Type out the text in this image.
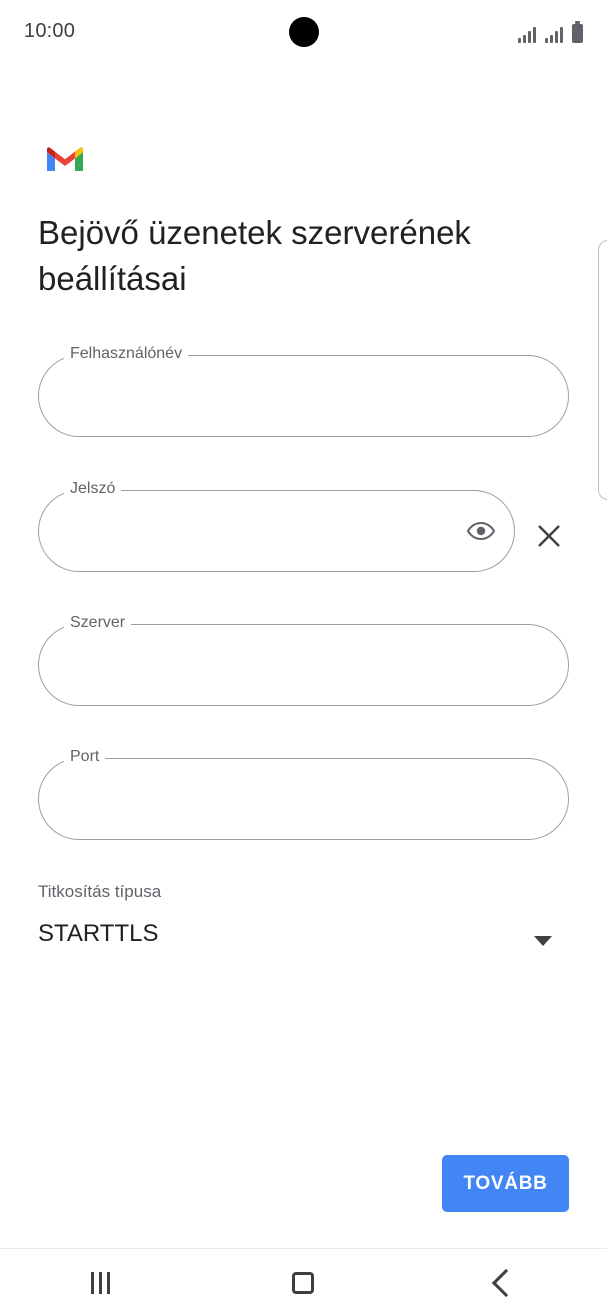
10:00
Bejövő üzenetek szerverének beállításai
Felhasználónév
Jelszó
Szerver
Port
Titkosítás típusa
STARTTLS
TOVÁBB
